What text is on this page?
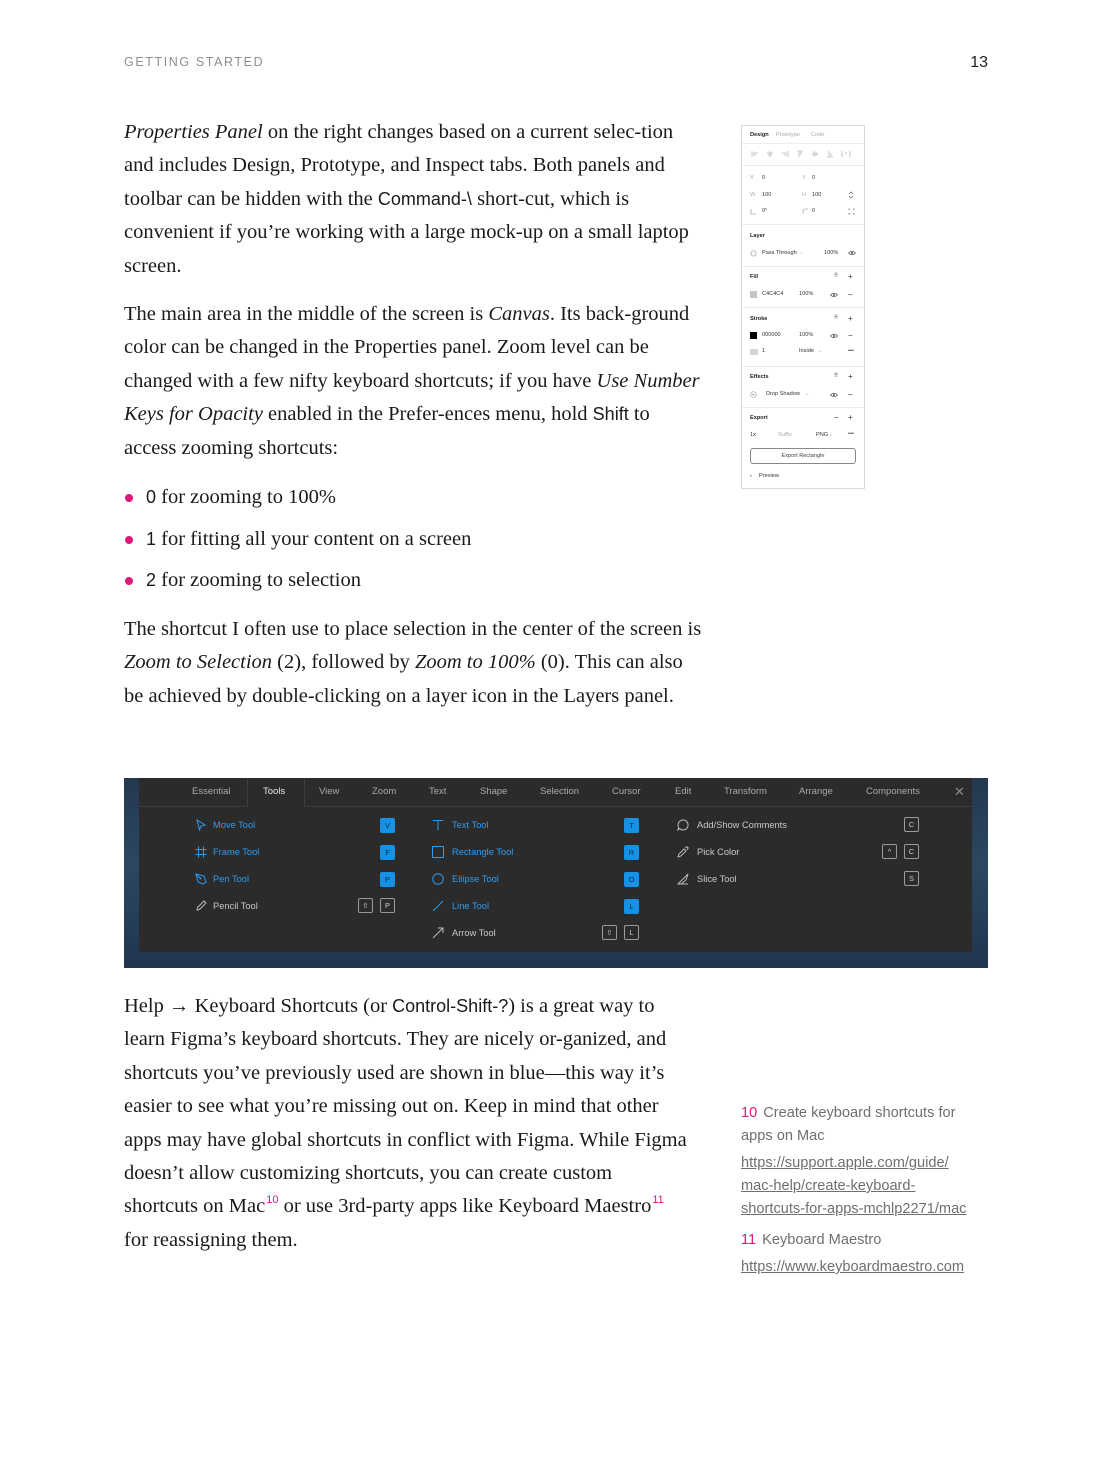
GETTING STARTED	13

Properties Panel on the right changes based on a current selec-tion and includes Design, Prototype, and Inspect tabs. Both panels and toolbar can be hidden with the Command-\ short-cut, which is convenient if you’re working with a large mock-up on a small laptop screen.

The main area in the middle of the screen is Canvas. Its back-ground color can be changed in the Properties panel. Zoom level can be changed with a few nifty keyboard shortcuts; if you have Use Number Keys for Opacity enabled in the Prefer-ences menu, hold Shift to access zooming shortcuts:

0 for zooming to 100%
1 for fitting all your content on a screen
2 for zooming to selection

The shortcut I often use to place selection in the center of the screen is Zoom to Selection (2), followed by Zoom to 100% (0). This can also be achieved by double-clicking on a layer icon in the Layers panel.

Design Prototype Code
X 0	Y 0
W 100	H 100
0°	0
Layer
Pass Through ⌄	100%
Fill	⠿ +
C4C4C4	100%	−
Stroke	⠿ +
000000	100%	−
1	Inside ⌄	•••
Effects	⠿ +
Drop Shadow ⌄	−
Export	− +
1x	Suffix	PNG ⌄	•••
Export Rectangle
▸ Preview
Essential	Tools	View	Zoom	Text	Shape	Selection	Cursor	Edit	Transform	Arrange	Components	✕
Move Tool	V
Frame Tool	F
Pen Tool	P
Pencil Tool	⇧	P
Text Tool	T
Rectangle Tool	R
Ellipse Tool	O
Line Tool	L
Arrow Tool	⇧	L
Add/Show Comments	C
Pick Color	^	C
Slice Tool	S

Help → Keyboard Shortcuts (or Control-Shift-?) is a great way to learn Figma’s keyboard shortcuts. They are nicely or-ganized, and shortcuts you’ve previously used are shown in blue—this way it’s easier to see what you’re missing out on. Keep in mind that other apps may have global shortcuts in conflict with Figma. While Figma doesn’t allow customizing shortcuts, you can create custom shortcuts on Mac$^{10}$ or use 3rd-party apps like Keyboard Maestro$^{11}$ for reassigning them.

10 Create keyboard shortcuts for apps on Mac
https://support.apple.com/guide/
mac-help/create-keyboard-
shortcuts-for-apps-mchlp2271/mac
11 Keyboard Maestro
https://www.keyboardmaestro.com
